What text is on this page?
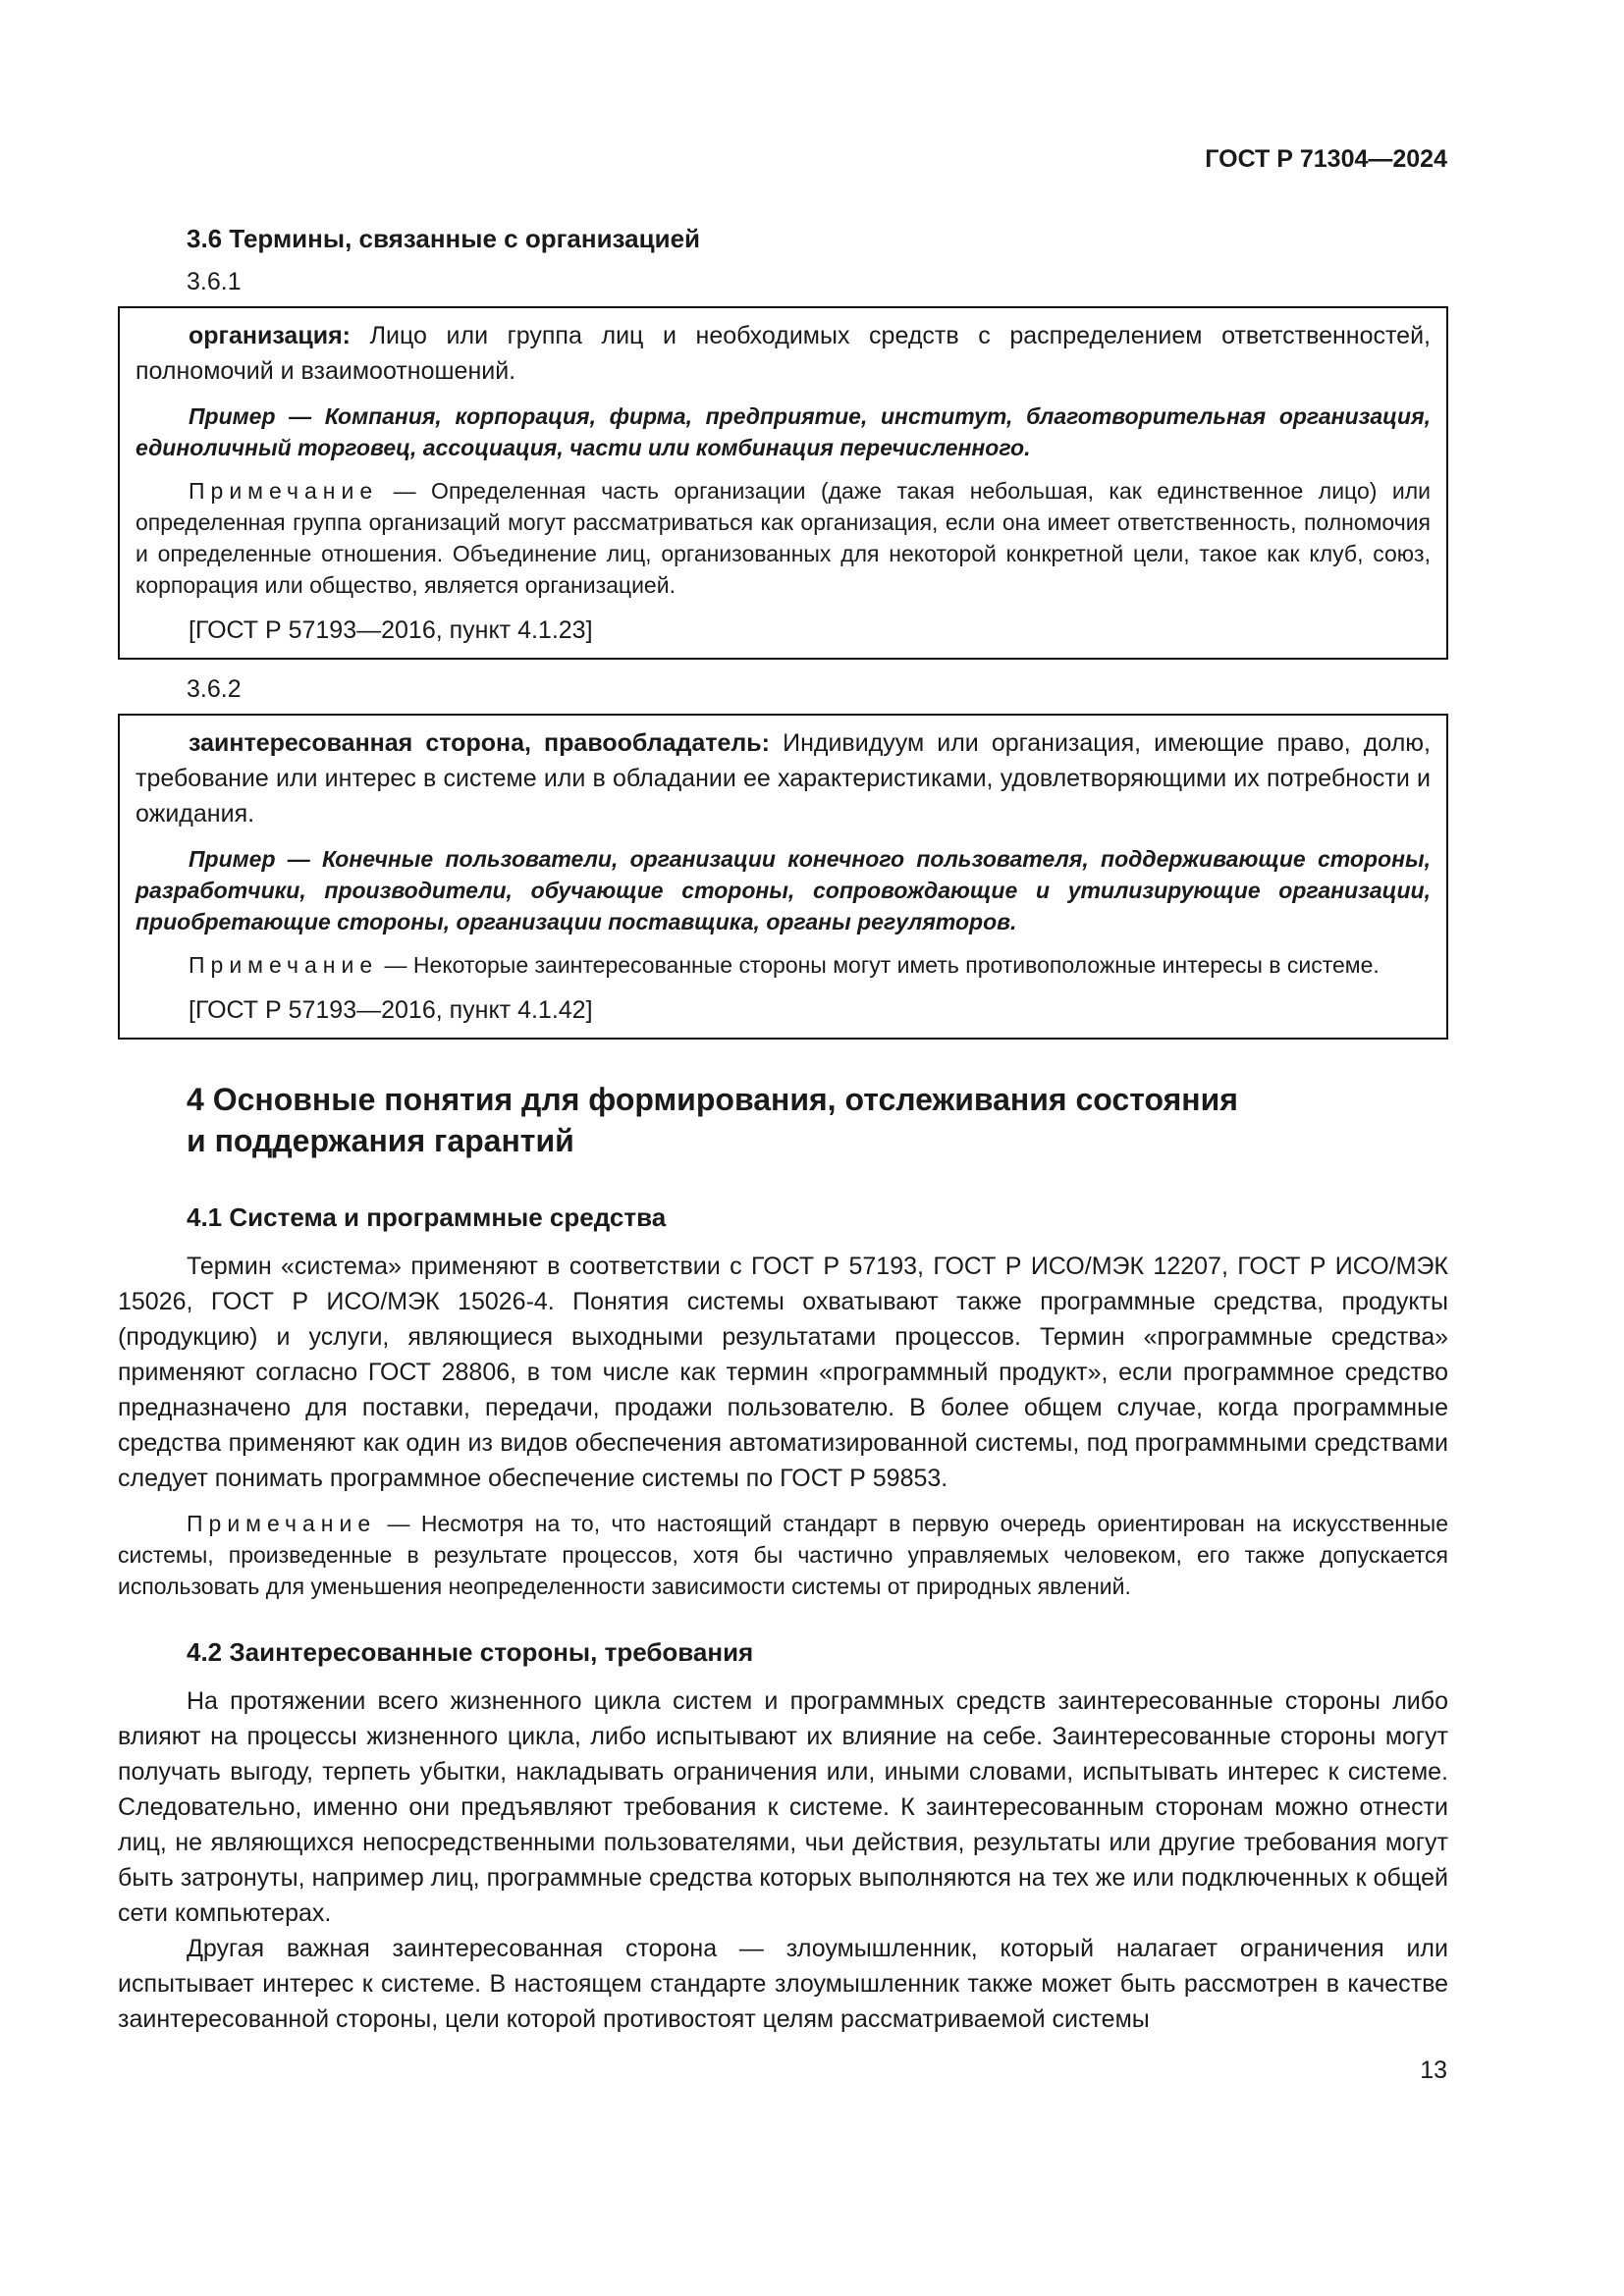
ГОСТ Р 71304—2024
3.6 Термины, связанные с организацией
3.6.1

организация: Лицо или группа лиц и необходимых средств с распределением ответственностей, полномочий и взаимоотношений.

Пример — Компания, корпорация, фирма, предприятие, институт, благотворительная организация, единоличный торговец, ассоциация, части или комбинация перечисленного.

Примечание — Определенная часть организации (даже такая небольшая, как единственное лицо) или определенная группа организаций могут рассматриваться как организация, если она имеет ответственность, полномочия и определенные отношения. Объединение лиц, организованных для некоторой конкретной цели, такое как клуб, союз, корпорация или общество, является организацией.

[ГОСТ Р 57193—2016, пункт 4.1.23]

3.6.2

заинтересованная сторона, правообладатель: Индивидуум или организация, имеющие право, долю, требование или интерес в системе или в обладании ее характеристиками, удовлетворяющими их потребности и ожидания.

Пример — Конечные пользователи, организации конечного пользователя, поддерживающие стороны, разработчики, производители, обучающие стороны, сопровождающие и утилизирующие организации, приобретающие стороны, организации поставщика, органы регуляторов.

Примечание — Некоторые заинтересованные стороны могут иметь противоположные интересы в системе.

[ГОСТ Р 57193—2016, пункт 4.1.42]

4 Основные понятия для формирования, отслеживания состояния
и поддержания гарантий
4.1 Система и программные средства

Термин «система» применяют в соответствии с ГОСТ Р 57193, ГОСТ Р ИСО/МЭК 12207, ГОСТ Р ИСО/МЭК 15026, ГОСТ Р ИСО/МЭК 15026-4. Понятия системы охватывают также программные средства, продукты (продукцию) и услуги, являющиеся выходными результатами процессов. Термин «программные средства» применяют согласно ГОСТ 28806, в том числе как термин «программный продукт», если программное средство предназначено для поставки, передачи, продажи пользователю. В более общем случае, когда программные средства применяют как один из видов обеспечения автоматизированной системы, под программными средствами следует понимать программное обеспечение системы по ГОСТ Р 59853.

Примечание — Несмотря на то, что настоящий стандарт в первую очередь ориентирован на искусственные системы, произведенные в результате процессов, хотя бы частично управляемых человеком, его также допускается использовать для уменьшения неопределенности зависимости системы от природных явлений.

4.2 Заинтересованные стороны, требования

На протяжении всего жизненного цикла систем и программных средств заинтересованные стороны либо влияют на процессы жизненного цикла, либо испытывают их влияние на себе. Заинтересованные стороны могут получать выгоду, терпеть убытки, накладывать ограничения или, иными словами, испытывать интерес к системе. Следовательно, именно они предъявляют требования к системе. К заинтересованным сторонам можно отнести лиц, не являющихся непосредственными пользователями, чьи действия, результаты или другие требования могут быть затронуты, например лиц, программные средства которых выполняются на тех же или подключенных к общей сети компьютерах.

Другая важная заинтересованная сторона — злоумышленник, который налагает ограничения или испытывает интерес к системе. В настоящем стандарте злоумышленник также может быть рассмотрен в качестве заинтересованной стороны, цели которой противостоят целям рассматриваемой системы

13
